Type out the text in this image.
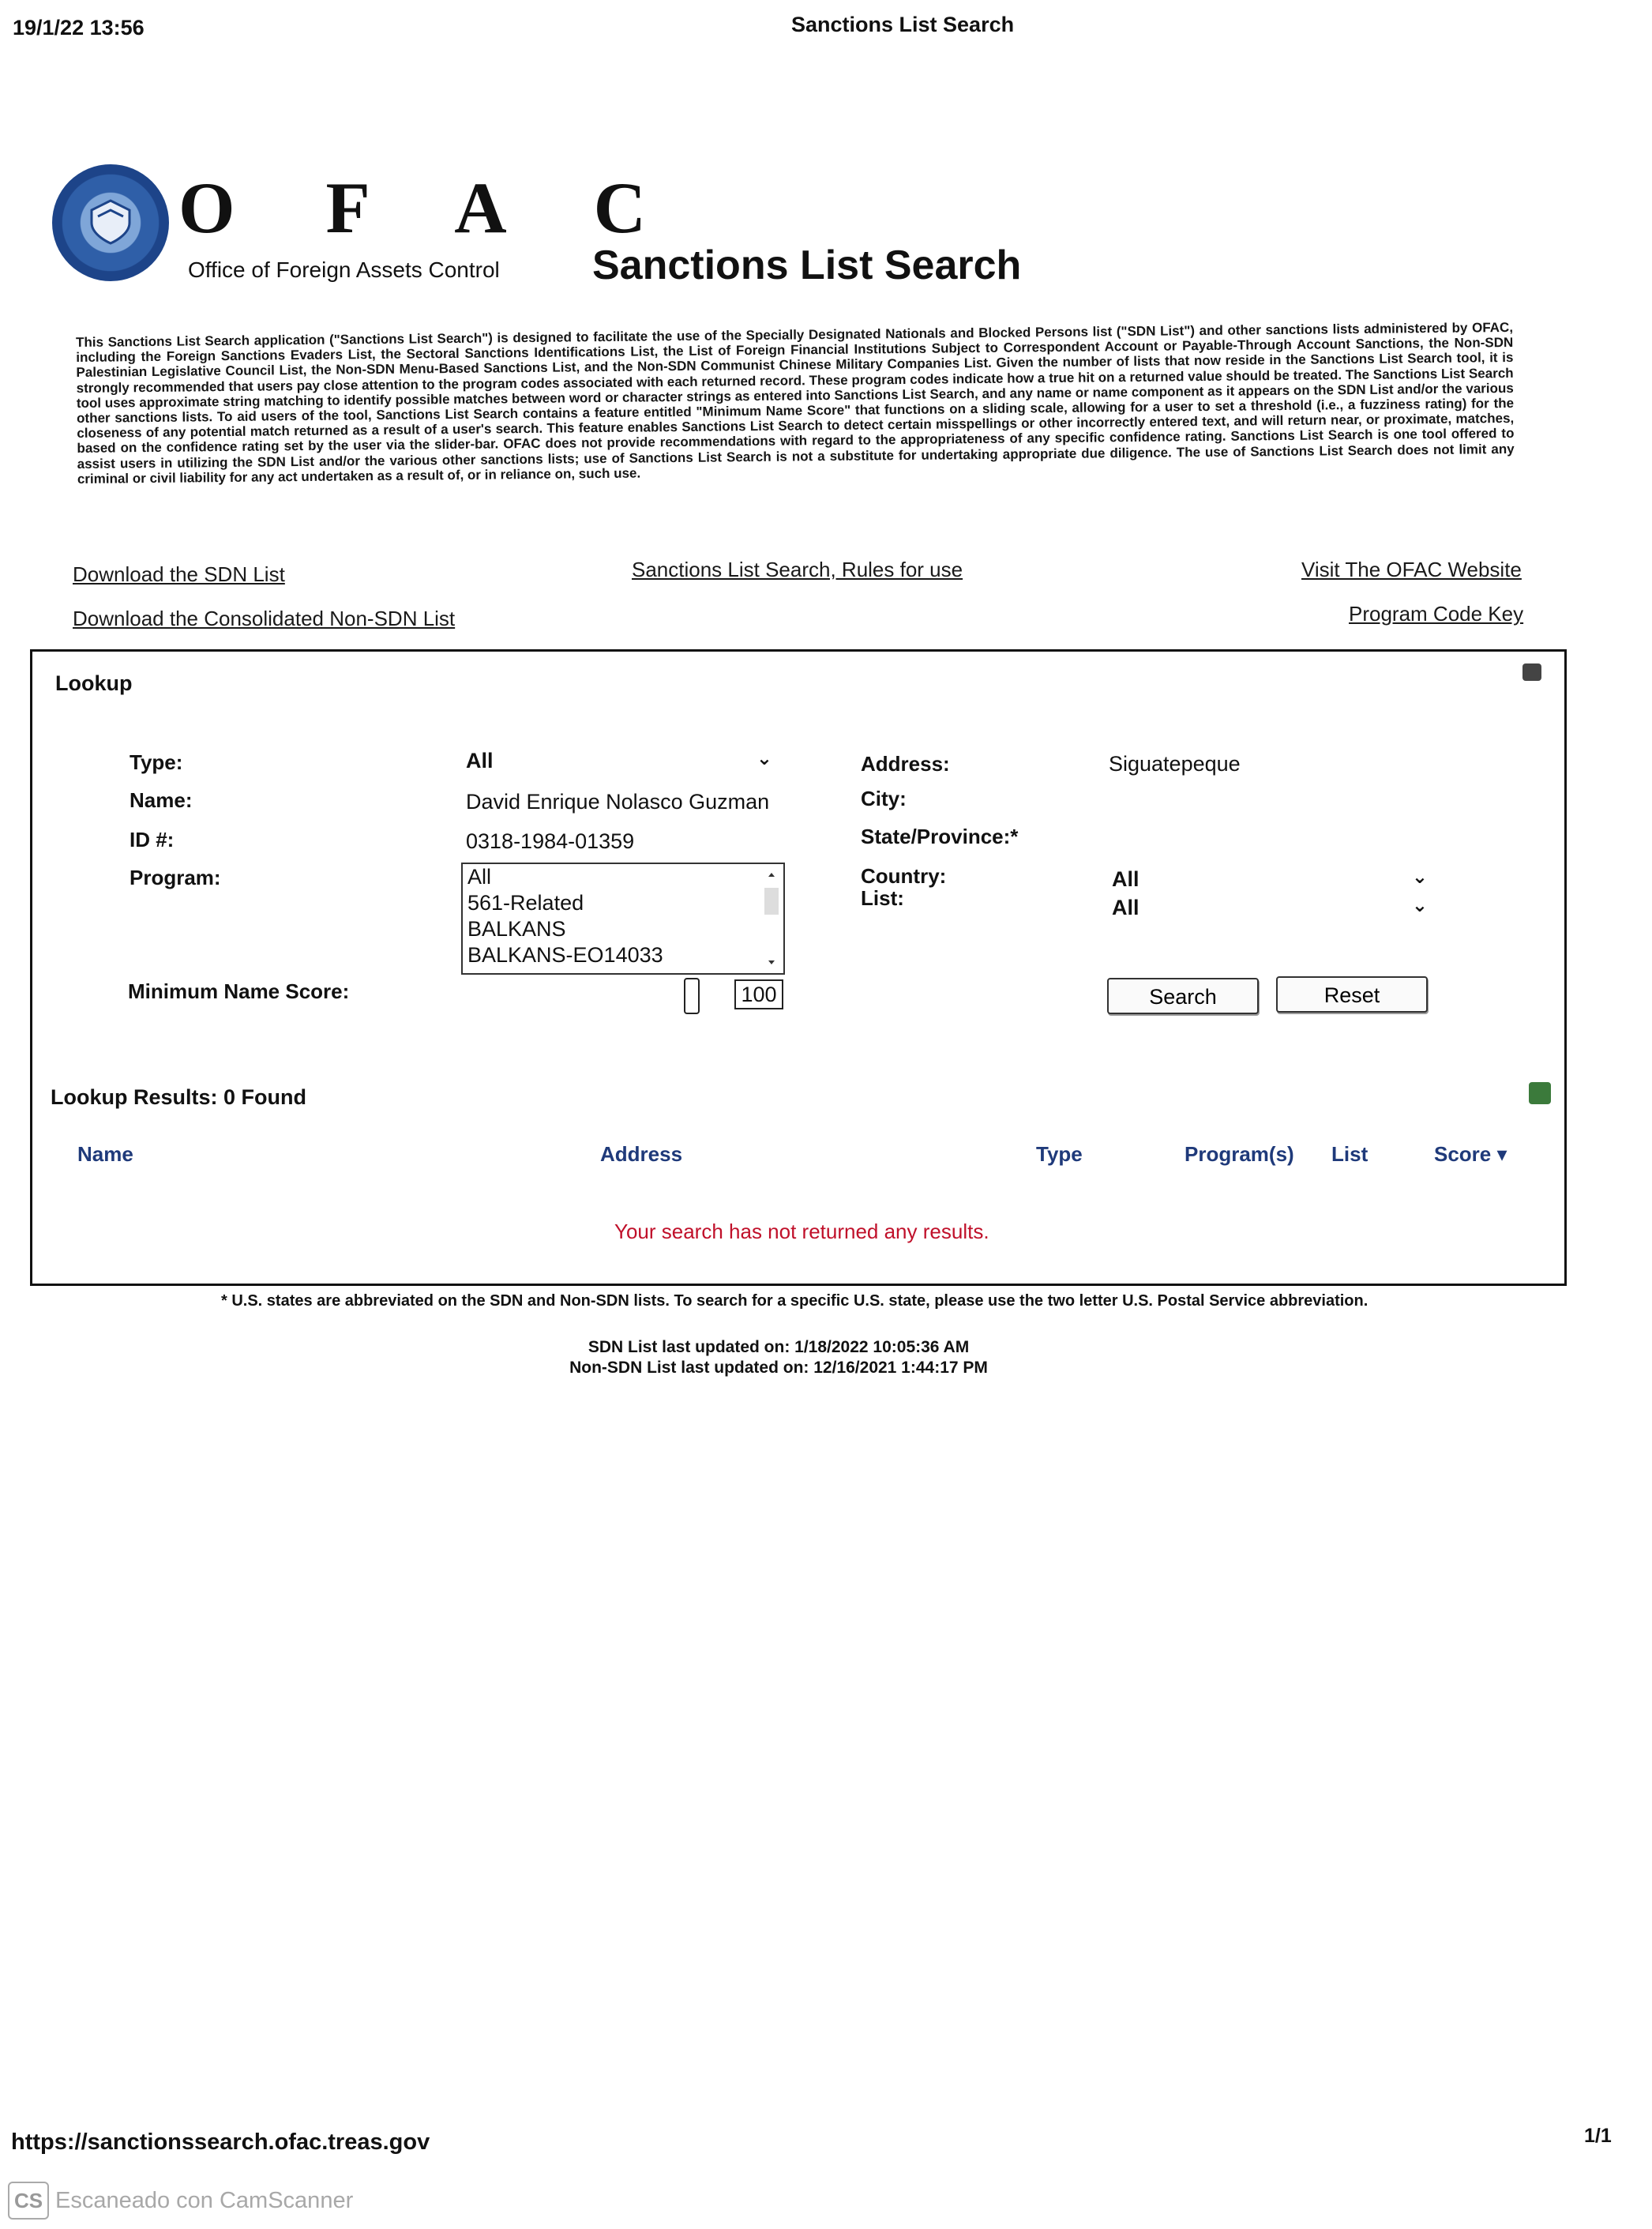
19/1/22 13:56	Sanctions List Search
O F A C
Office of Foreign Assets Control Sanctions List Search
This Sanctions List Search application ("Sanctions List Search") is designed to facilitate the use of the Specially Designated Nationals and Blocked Persons list ("SDN List") and other sanctions lists administered by OFAC, including the Foreign Sanctions Evaders List, the Sectoral Sanctions Identifications List, the List of Foreign Financial Institutions Subject to Correspondent Account or Payable-Through Account Sanctions, the Non-SDN Palestinian Legislative Council List, the Non-SDN Menu-Based Sanctions List, and the Non-SDN Communist Chinese Military Companies List. Given the number of lists that now reside in the Sanctions List Search tool, it is strongly recommended that users pay close attention to the program codes associated with each returned record. These program codes indicate how a true hit on a returned value should be treated. The Sanctions List Search tool uses approximate string matching to identify possible matches between word or character strings as entered into Sanctions List Search, and any name or name component as it appears on the SDN List and/or the various other sanctions lists. To aid users of the tool, Sanctions List Search contains a feature entitled "Minimum Name Score" that functions on a sliding scale, allowing for a user to set a threshold (i.e., a fuzziness rating) for the closeness of any potential match returned as a result of a user's search. This feature enables Sanctions List Search to detect certain misspellings or other incorrectly entered text, and will return near, or proximate, matches, based on the confidence rating set by the user via the slider-bar. OFAC does not provide recommendations with regard to the appropriateness of any specific confidence rating. Sanctions List Search is one tool offered to assist users in utilizing the SDN List and/or the various other sanctions lists; use of Sanctions List Search is not a substitute for undertaking appropriate due diligence. The use of Sanctions List Search does not limit any criminal or civil liability for any act undertaken as a result of, or in reliance on, such use.
Download the SDN List	Sanctions List Search, Rules for use	Visit The OFAC Website
Download the Consolidated Non-SDN List	Program Code Key
Lookup
Type:	All	⌄
Name:	David Enrique Nolasco Guzman
ID #:	0318-1984-01359
Program:	All
561-Related
BALKANS
BALKANS-EO14033
Minimum Name Score:	100
Address:	Siguatepeque
City:
State/Province:*
Country:	All	⌄
List:	All	⌄
Search	Reset
Lookup Results: 0 Found
Name	Address	Type	Program(s) List	Score ▾
Your search has not returned any results.
* U.S. states are abbreviated on the SDN and Non-SDN lists. To search for a specific U.S. state, please use the two letter U.S. Postal Service abbreviation.
SDN List last updated on: 1/18/2022 10:05:36 AM
Non-SDN List last updated on: 12/16/2021 1:44:17 PM
https://sanctionssearch.ofac.treas.gov	1/1
CS Escaneado con CamScanner
